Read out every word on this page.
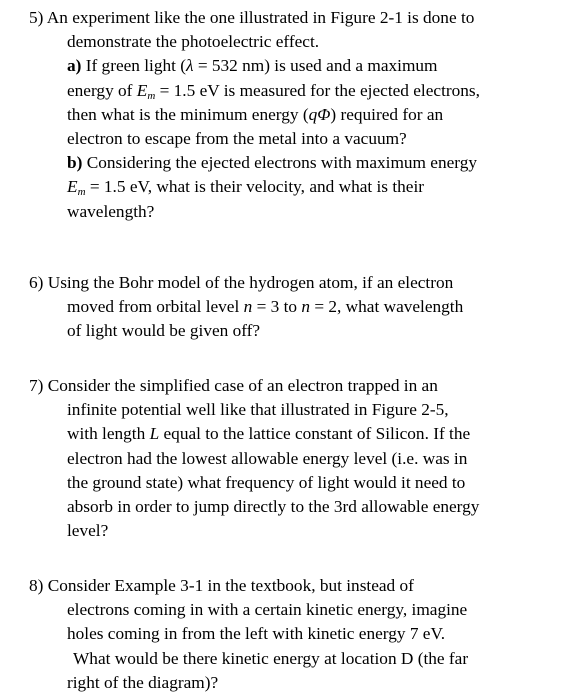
5) An experiment like the one illustrated in Figure 2-1 is done to
demonstrate the photoelectric effect.
a) If green light (λ = 532 nm) is used and a maximum
energy of $E_m = 1.5$ eV is measured for the ejected electrons,
then what is the minimum energy (qΦ) required for an
electron to escape from the metal into a vacuum?
b) Considering the ejected electrons with maximum energy
$E_m = 1.5$ eV, what is their velocity, and what is their
wavelength?
6) Using the Bohr model of the hydrogen atom, if an electron
moved from orbital level n = 3 to n = 2, what wavelength
of light would be given off?
7) Consider the simplified case of an electron trapped in an
infinite potential well like that illustrated in Figure 2-5,
with length L equal to the lattice constant of Silicon. If the
electron had the lowest allowable energy level (i.e. was in
the ground state) what frequency of light would it need to
absorb in order to jump directly to the 3rd allowable energy
level?
8) Consider Example 3-1 in the textbook, but instead of
electrons coming in with a certain kinetic energy, imagine
holes coming in from the left with kinetic energy 7 eV.
What would be there kinetic energy at location D (the far
right of the diagram)?
